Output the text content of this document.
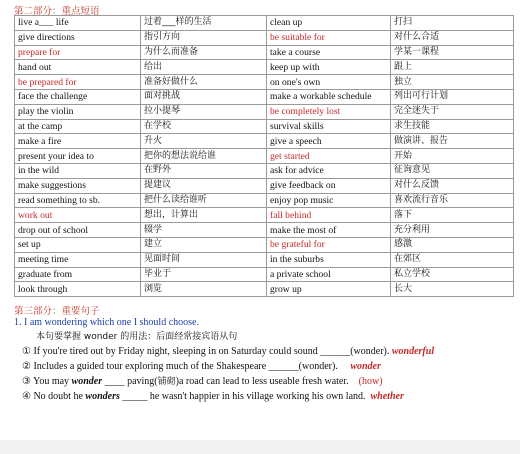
第二部分：重点短语
live a___ life	过着___样的生活	clean up	打扫
give directions	指引方向	be suitable for	对什么合适
prepare for	为什么而准备	take a course	学某一课程
hand out	给出	keep up with	跟上
be prepared for	准备好做什么	on one's own	独立
face the challenge	面对挑战	make a workable schedule	列出可行计划
play the violin	拉小提琴	be completely lost	完全迷失于
at the camp	在学校	survival skills	求生技能
make a fire	升火	give a speech	做演讲、报告
present your idea to	把你的想法说给谁	get started	开始
in the wild	在野外	ask for advice	征询意见
make suggestions	提建议	give feedback on	对什么反馈
read something to sb.	把什么读给谁听	enjoy pop music	喜欢流行音乐
work out	想出，计算出	fall behind	落下
drop out of school	辍学	make the most of	充分利用
set up	建立	be grateful for	感激
meeting time	见面时间	in the suburbs	在郊区
graduate from	毕业于	a private school	私立学校
look through	浏览	grow up	长大
第三部分：重要句子
1. I am wondering which one I should choose.
本句要掌握 wonder 的用法：后面经常接宾语从句
① If you're tired out by Friday night, sleeping in on Saturday could sound ______(wonder). wonderful
② Includes a guided tour exploring much of the Shakespeare ______(wonder). wonder
③ You may wonder ____ paving(铺砌)a road can lead to less useable fresh water. (how)
④ No doubt he wonders _____ he wasn't happier in his village working his own land. whether
